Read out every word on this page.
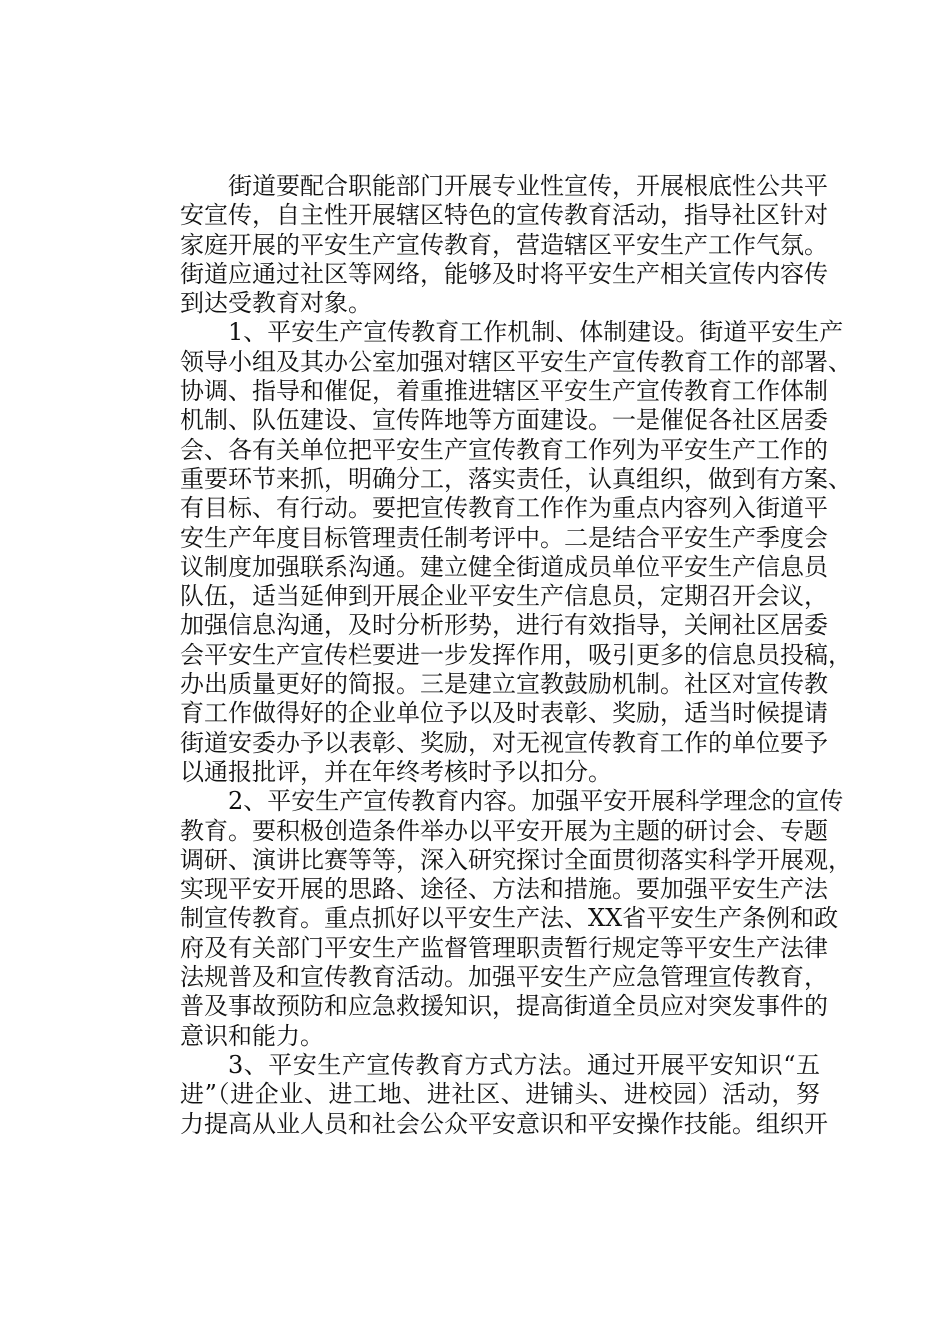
街道要配合职能部门开展专业性宣传，开展根底性公共平
安宣传，自主性开展辖区特色的宣传教育活动，指导社区针对
家庭开展的平安生产宣传教育，营造辖区平安生产工作气氛。
街道应通过社区等网络，能够及时将平安生产相关宣传内容传
到达受教育对象。
1、平安生产宣传教育工作机制、体制建设。街道平安生产
领导小组及其办公室加强对辖区平安生产宣传教育工作的部署、
协调、指导和催促，着重推进辖区平安生产宣传教育工作体制
机制、队伍建设、宣传阵地等方面建设。一是催促各社区居委
会、各有关单位把平安生产宣传教育工作列为平安生产工作的
重要环节来抓，明确分工，落实责任，认真组织，做到有方案、
有目标、有行动。要把宣传教育工作作为重点内容列入街道平
安生产年度目标管理责任制考评中。二是结合平安生产季度会
议制度加强联系沟通。建立健全街道成员单位平安生产信息员
队伍，适当延伸到开展企业平安生产信息员，定期召开会议，
加强信息沟通，及时分析形势，进行有效指导，关闸社区居委
会平安生产宣传栏要进一步发挥作用，吸引更多的信息员投稿，
办出质量更好的简报。三是建立宣教鼓励机制。社区对宣传教
育工作做得好的企业单位予以及时表彰、奖励，适当时候提请
街道安委办予以表彰、奖励，对无视宣传教育工作的单位要予
以通报批评，并在年终考核时予以扣分。
2、平安生产宣传教育内容。加强平安开展科学理念的宣传
教育。要积极创造条件举办以平安开展为主题的研讨会、专题
调研、演讲比赛等等，深入研究探讨全面贯彻落实科学开展观，
实现平安开展的思路、途径、方法和措施。要加强平安生产法
制宣传教育。重点抓好以平安生产法、XX省平安生产条例和政
府及有关部门平安生产监督管理职责暂行规定等平安生产法律
法规普及和宣传教育活动。加强平安生产应急管理宣传教育，
普及事故预防和应急救援知识，提高街道全员应对突发事件的
意识和能力。
3、平安生产宣传教育方式方法。通过开展平安知识“五
进”（进企业、进工地、进社区、进铺头、进校园）活动，努
力提高从业人员和社会公众平安意识和平安操作技能。组织开
